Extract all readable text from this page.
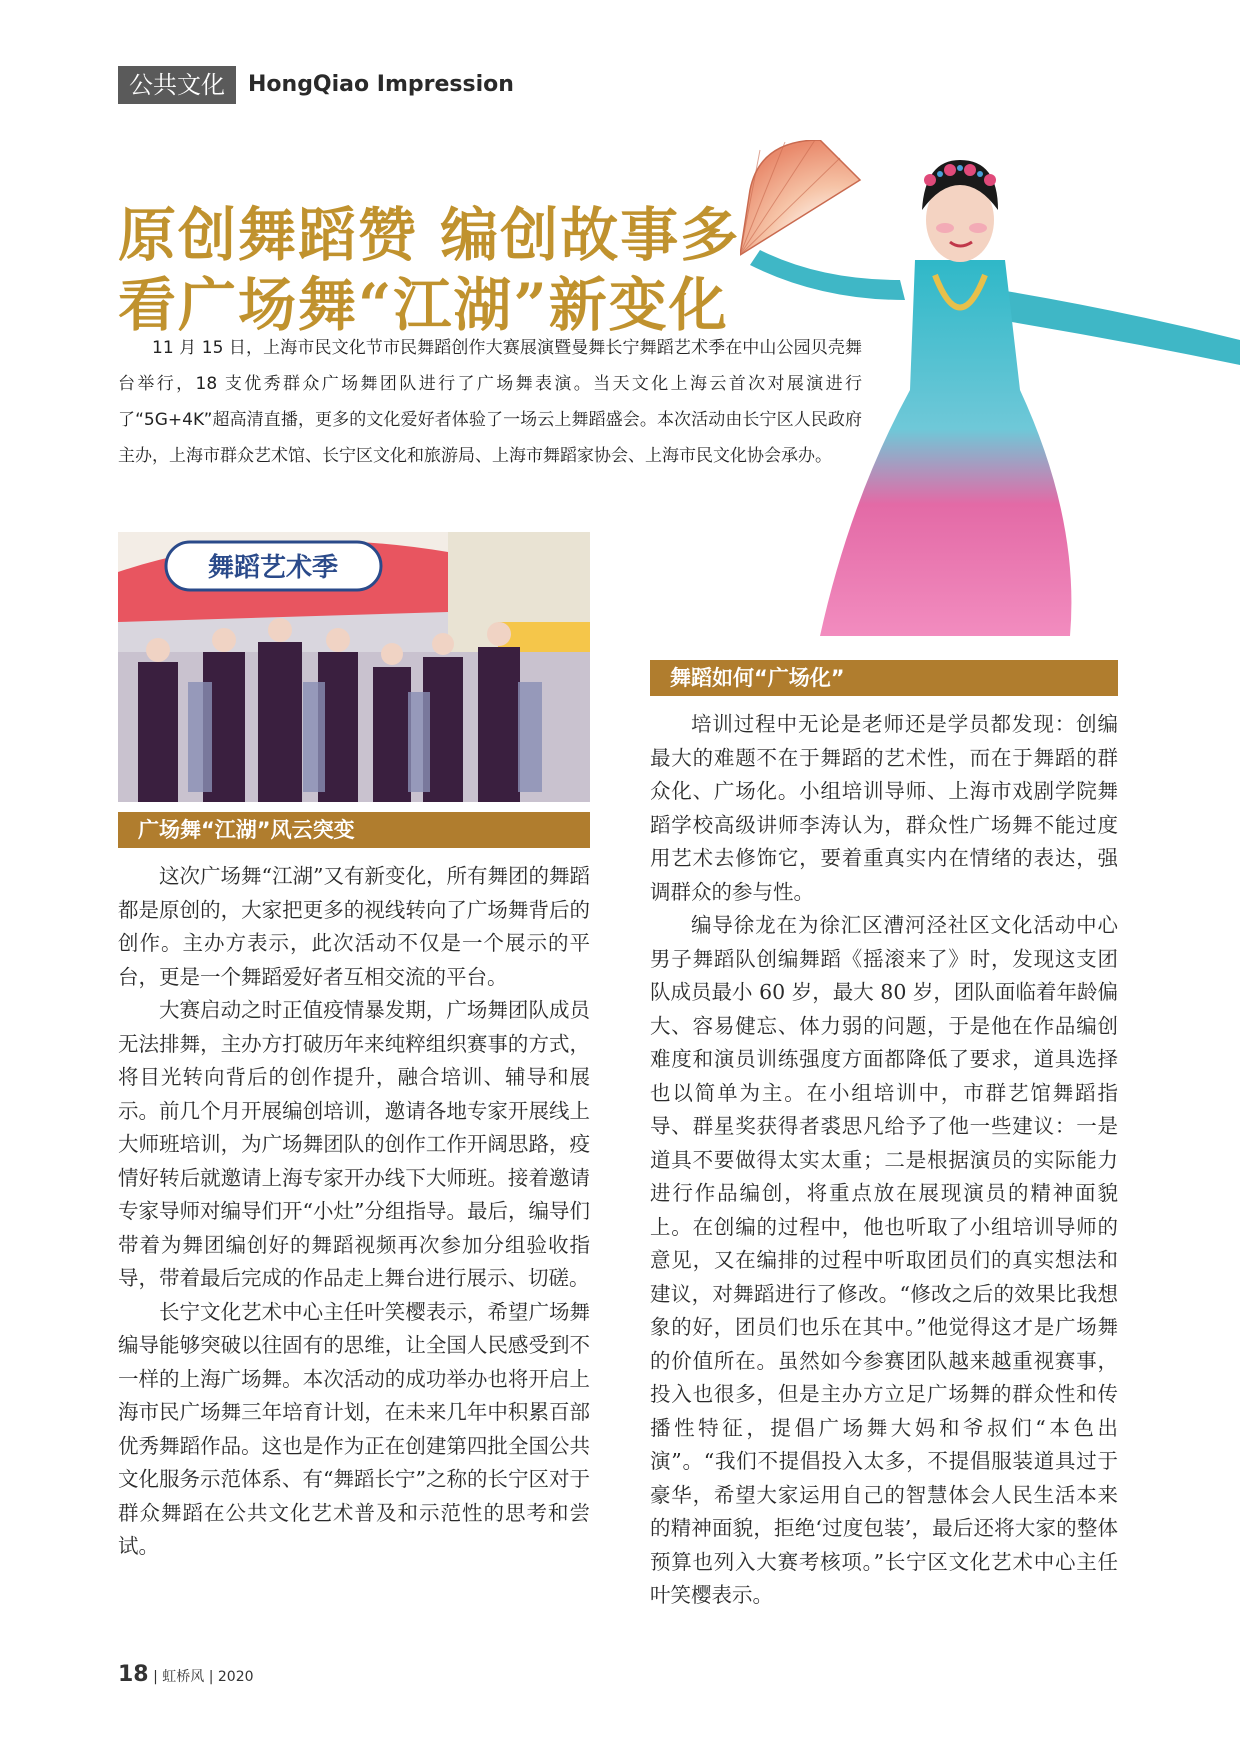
公共文化	HongQiao Impression
原创舞蹈赞 编创故事多
看广场舞“江湖”新变化

11 月 15 日，上海市民文化节市民舞蹈创作大赛展演暨曼舞长宁舞蹈艺术季在中山公园贝壳舞台举行，18 支优秀群众广场舞团队进行了广场舞表演。当天文化上海云首次对展演进行了“5G+4K”超高清直播，更多的文化爱好者体验了一场云上舞蹈盛会。本次活动由长宁区人民政府主办，上海市群众艺术馆、长宁区文化和旅游局、上海市舞蹈家协会、上海市民文化协会承办。

舞蹈艺术季
广场舞“江湖”风云突变

这次广场舞“江湖”又有新变化，所有舞团的舞蹈都是原创的，大家把更多的视线转向了广场舞背后的创作。主办方表示，此次活动不仅是一个展示的平台，更是一个舞蹈爱好者互相交流的平台。

大赛启动之时正值疫情暴发期，广场舞团队成员无法排舞，主办方打破历年来纯粹组织赛事的方式，将目光转向背后的创作提升，融合培训、辅导和展示。前几个月开展编创培训，邀请各地专家开展线上大师班培训，为广场舞团队的创作工作开阔思路，疫情好转后就邀请上海专家开办线下大师班。接着邀请专家导师对编导们开“小灶”分组指导。最后，编导们带着为舞团编创好的舞蹈视频再次参加分组验收指导，带着最后完成的作品走上舞台进行展示、切磋。

长宁文化艺术中心主任叶笑樱表示，希望广场舞编导能够突破以往固有的思维，让全国人民感受到不一样的上海广场舞。本次活动的成功举办也将开启上海市民广场舞三年培育计划，在未来几年中积累百部优秀舞蹈作品。这也是作为正在创建第四批全国公共文化服务示范体系、有“舞蹈长宁”之称的长宁区对于群众舞蹈在公共文化艺术普及和示范性的思考和尝试。

舞蹈如何“广场化”

培训过程中无论是老师还是学员都发现：创编最大的难题不在于舞蹈的艺术性，而在于舞蹈的群众化、广场化。小组培训导师、上海市戏剧学院舞蹈学校高级讲师李涛认为，群众性广场舞不能过度用艺术去修饰它，要着重真实内在情绪的表达，强调群众的参与性。

编导徐龙在为徐汇区漕河泾社区文化活动中心男子舞蹈队创编舞蹈《摇滚来了》时，发现这支团队成员最小 60 岁，最大 80 岁，团队面临着年龄偏大、容易健忘、体力弱的问题，于是他在作品编创难度和演员训练强度方面都降低了要求，道具选择也以简单为主。在小组培训中，市群艺馆舞蹈指导、群星奖获得者裘思凡给予了他一些建议：一是道具不要做得太实太重；二是根据演员的实际能力进行作品编创，将重点放在展现演员的精神面貌上。在创编的过程中，他也听取了小组培训导师的意见，又在编排的过程中听取团员们的真实想法和建议，对舞蹈进行了修改。“修改之后的效果比我想象的好，团员们也乐在其中。”他觉得这才是广场舞的价值所在。虽然如今参赛团队越来越重视赛事，投入也很多，但是主办方立足广场舞的群众性和传播性特征，提倡广场舞大妈和爷叔们“本色出演”。“我们不提倡投入太多，不提倡服装道具过于豪华，希望大家运用自己的智慧体会人民生活本来的精神面貌，拒绝‘过度包装’，最后还将大家的整体预算也列入大赛考核项。”长宁区文化艺术中心主任叶笑樱表示。

18 | 虹桥风 | 2020
